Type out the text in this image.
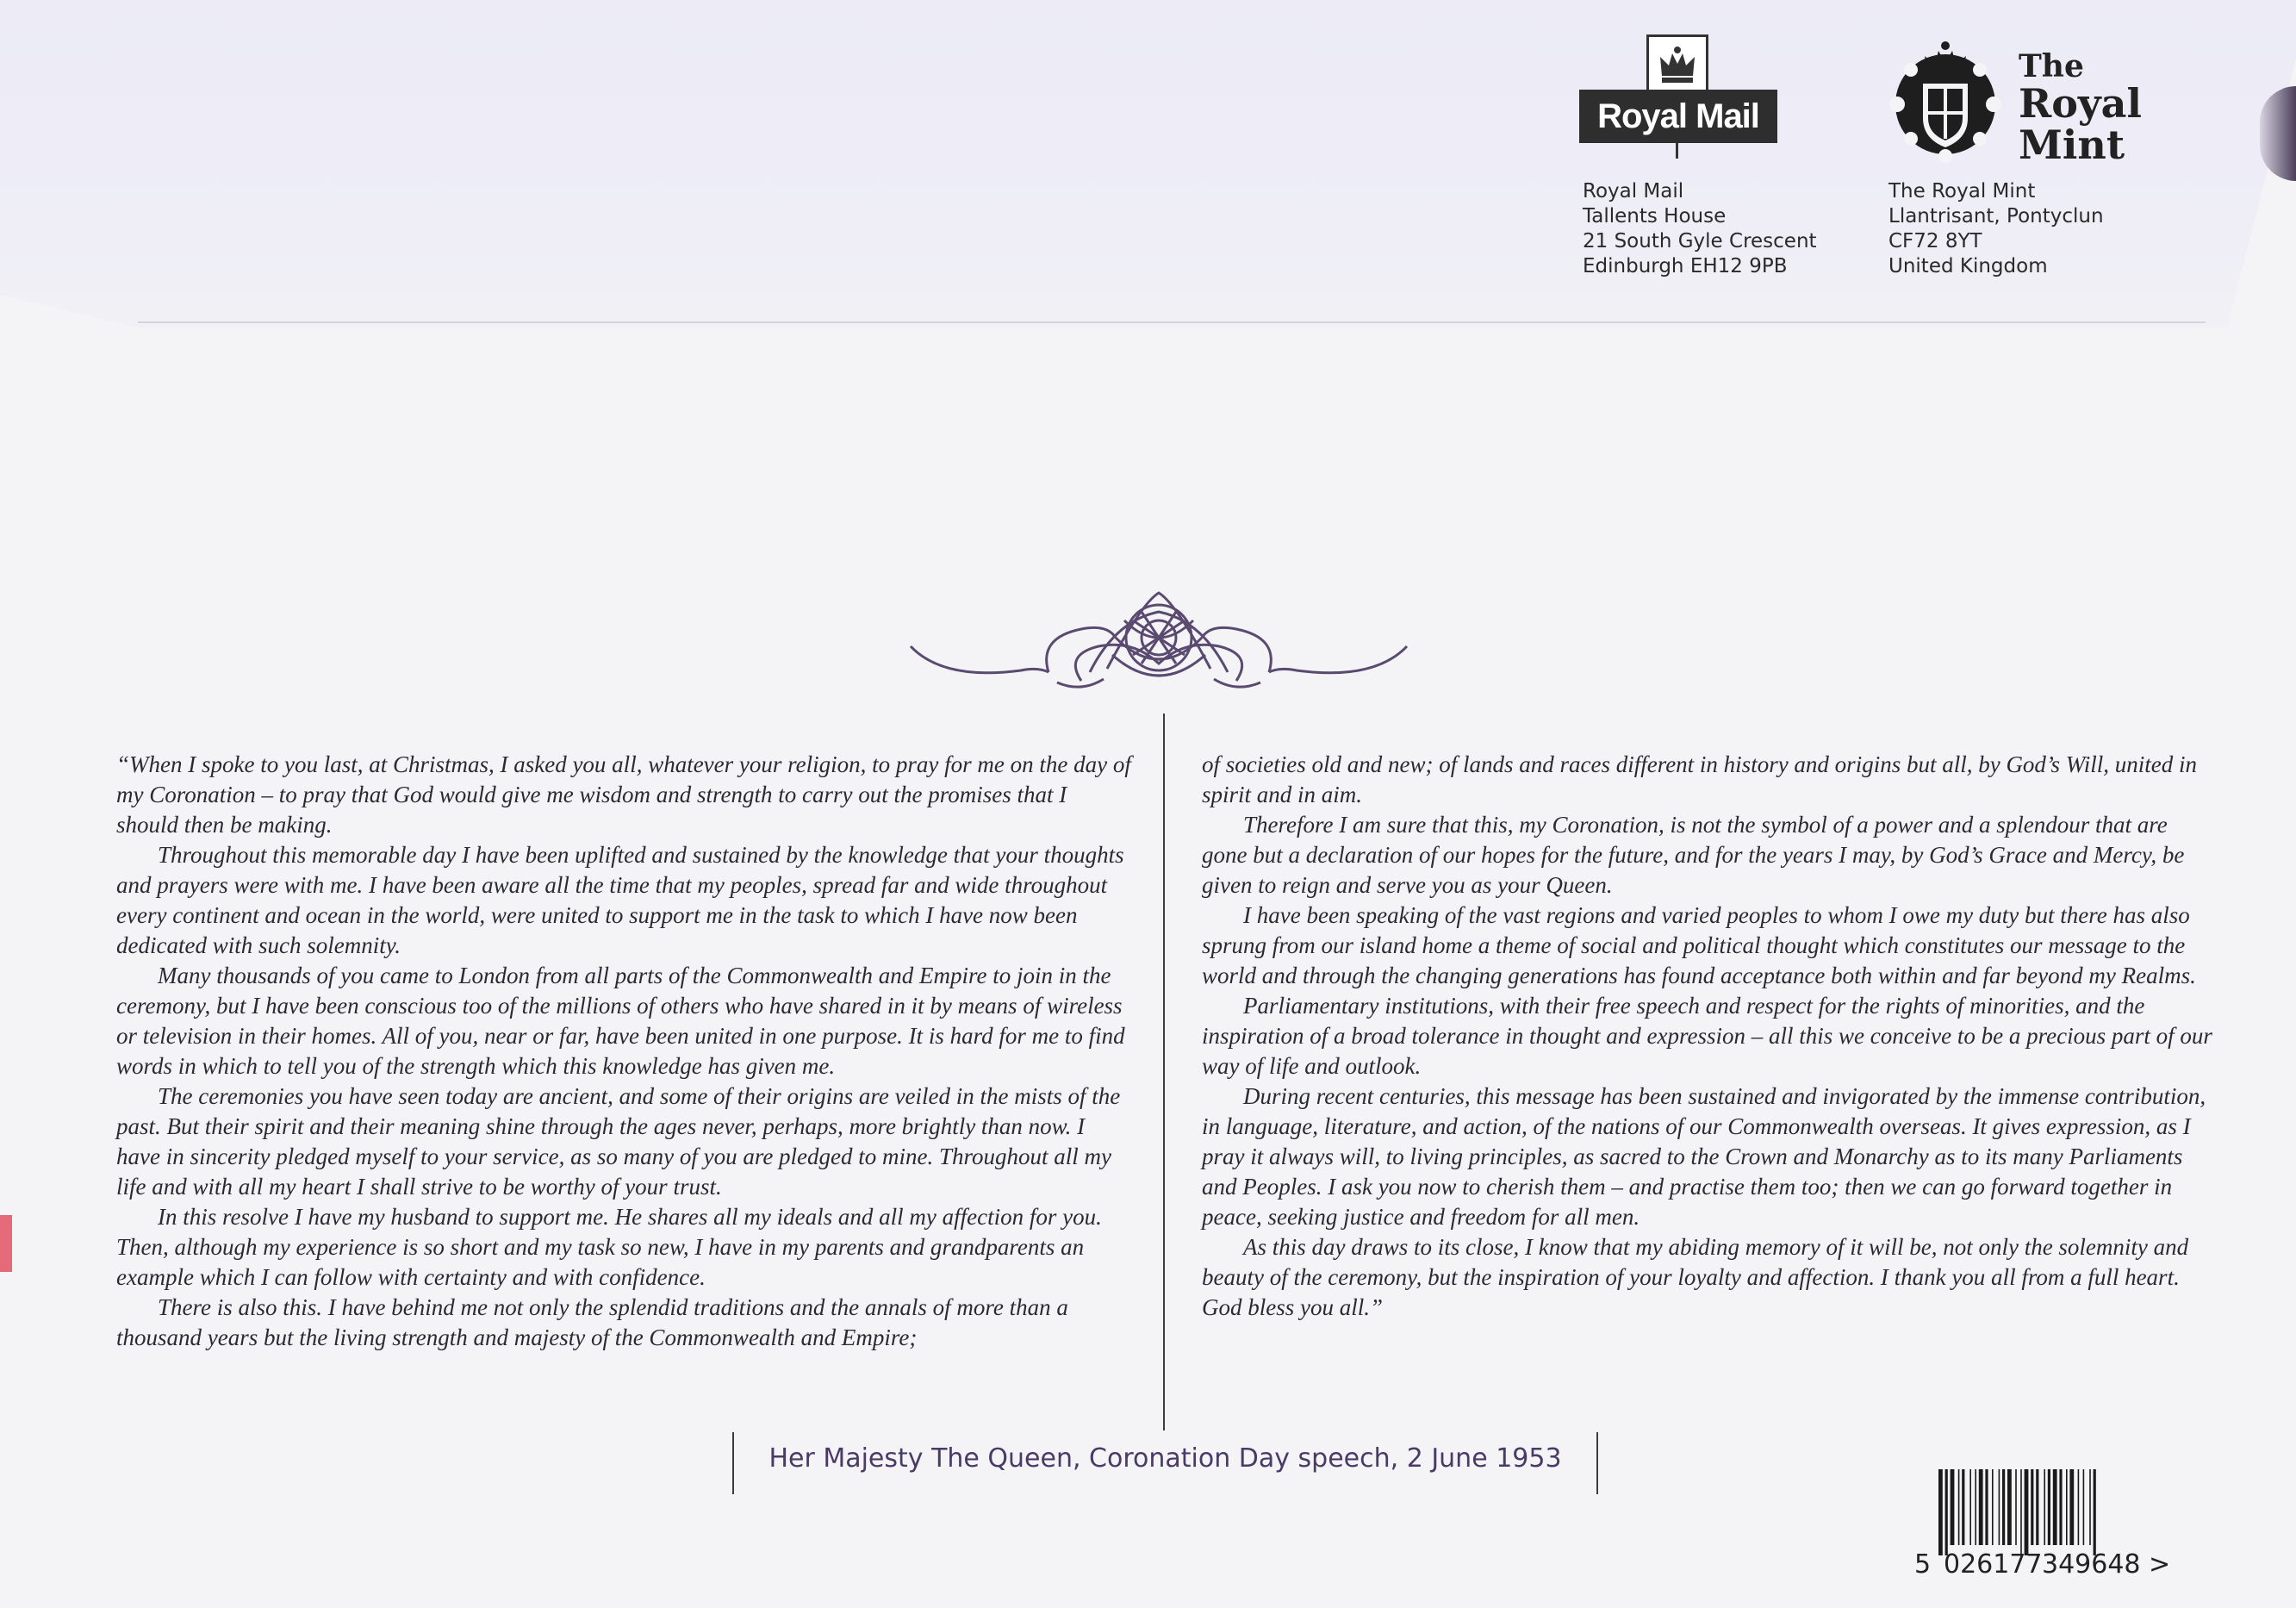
Royal Mail
The
Royal
Mint
Royal Mail
Tallents House
21 South Gyle Crescent
Edinburgh EH12 9PB
The Royal Mint
Llantrisant, Pontyclun
CF72 8YT
United Kingdom

“When I spoke to you last, at Christmas, I asked you all, whatever your religion, to pray for me on the day of my Coronation – to pray that God would give me wisdom and strength to carry out the promises that I should then be making.

Throughout this memorable day I have been uplifted and sustained by the knowledge that your thoughts and prayers were with me. I have been aware all the time that my peoples, spread far and wide throughout every continent and ocean in the world, were united to support me in the task to which I have now been dedicated with such solemnity.

Many thousands of you came to London from all parts of the Commonwealth and Empire to join in the ceremony, but I have been conscious too of the millions of others who have shared in it by means of wireless or television in their homes. All of you, near or far, have been united in one purpose. It is hard for me to find words in which to tell you of the strength which this knowledge has given me.

The ceremonies you have seen today are ancient, and some of their origins are veiled in the mists of the past. But their spirit and their meaning shine through the ages never, perhaps, more brightly than now. I have in sincerity pledged myself to your service, as so many of you are pledged to mine. Throughout all my life and with all my heart I shall strive to be worthy of your trust.

In this resolve I have my husband to support me. He shares all my ideals and all my affection for you. Then, although my experience is so short and my task so new, I have in my parents and grandparents an example which I can follow with certainty and with confidence.

There is also this. I have behind me not only the splendid traditions and the annals of more than a thousand years but the living strength and majesty of the Commonwealth and Empire;

of societies old and new; of lands and races different in history and origins but all, by God’s Will, united in spirit and in aim.

Therefore I am sure that this, my Coronation, is not the symbol of a power and a splendour that are gone but a declaration of our hopes for the future, and for the years I may, by God’s Grace and Mercy, be given to reign and serve you as your Queen.

I have been speaking of the vast regions and varied peoples to whom I owe my duty but there has also sprung from our island home a theme of social and political thought which constitutes our message to the world and through the changing generations has found acceptance both within and far beyond my Realms.

Parliamentary institutions, with their free speech and respect for the rights of minorities, and the inspiration of a broad tolerance in thought and expression – all this we conceive to be a precious part of our way of life and outlook.

During recent centuries, this message has been sustained and invigorated by the immense contribution, in language, literature, and action, of the nations of our Commonwealth overseas. It gives expression, as I pray it always will, to living principles, as sacred to the Crown and Monarchy as to its many Parliaments and Peoples. I ask you now to cherish them – and practise them too; then we can go forward together in peace, seeking justice and freedom for all men.

As this day draws to its close, I know that my abiding memory of it will be, not only the solemnity and beauty of the ceremony, but the inspiration of your loyalty and affection. I thank you all from a full heart. God bless you all.”

Her Majesty The Queen, Coronation Day speech, 2 June 1953
5 026177 349648 >
